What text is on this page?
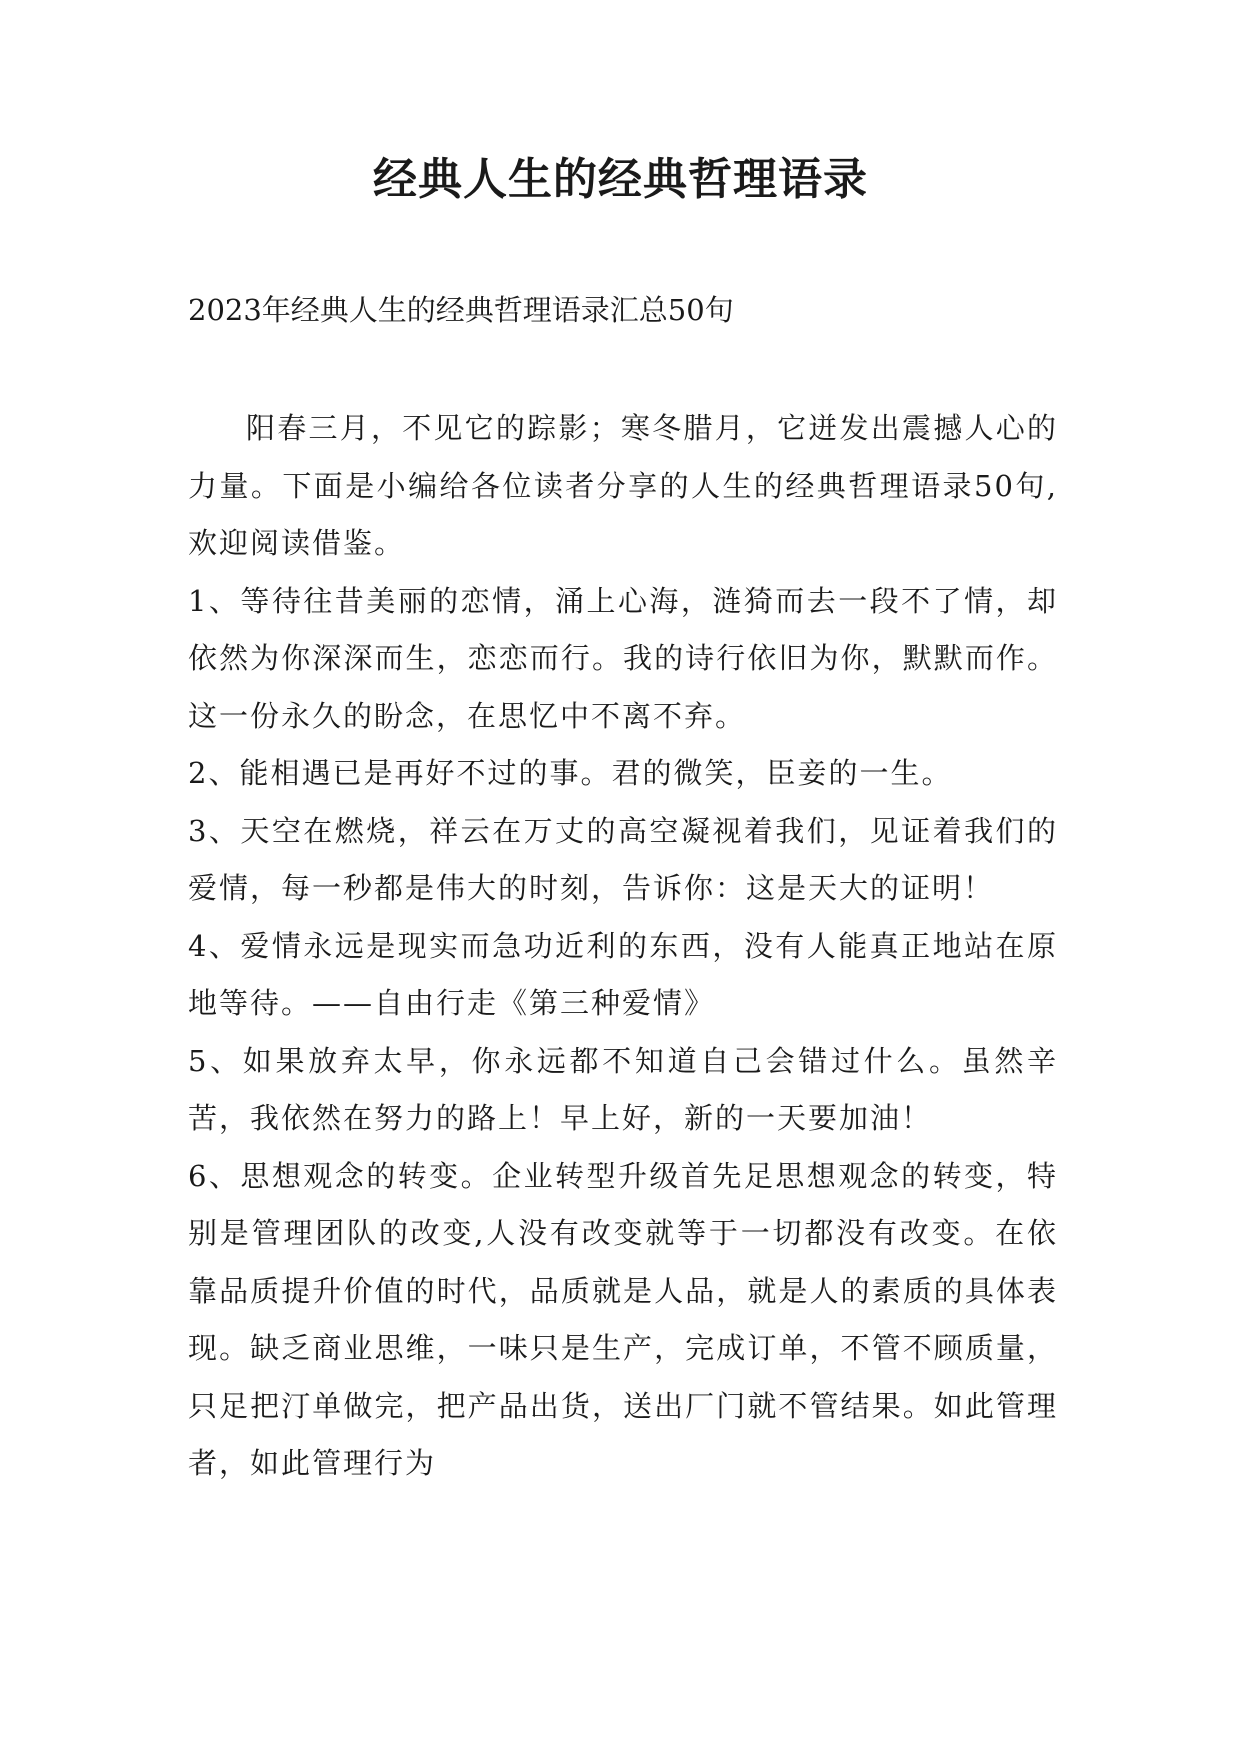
经典人生的经典哲理语录

2023年经典人生的经典哲理语录汇总50句

阳春三月，不见它的踪影；寒冬腊月，它迸发出震撼人心的力量。下面是小编给各位读者分享的人生的经典哲理语录50句,欢迎阅读借鉴。

1、等待往昔美丽的恋情，涌上心海，涟猗而去一段不了情，却依然为你深深而生，恋恋而行。我的诗行依旧为你，默默而作。这一份永久的盼念，在思忆中不离不弃。

2、能相遇已是再好不过的事。君的微笑，臣妾的一生。

3、天空在燃烧，祥云在万丈的高空凝视着我们，见证着我们的爱情，每一秒都是伟大的时刻，告诉你：这是天大的证明！

4、爱情永远是现实而急功近利的东西，没有人能真正地站在原地等待。——自由行走《第三种爱情》

5、如果放弃太早，你永远都不知道自己会错过什么。虽然辛苦，我依然在努力的路上！早上好，新的一天要加油！

6、思想观念的转变。企业转型升级首先足思想观念的转变，特别是管理团队的改变,人没有改变就等于一切都没有改变。在依靠品质提升价值的时代，品质就是人品，就是人的素质的具体表现。缺乏商业思维，一味只是生产，完成订单，不管不顾质量，只足把汀单做完，把产品出货，送出厂门就不管结果。如此管理者，如此管理行为
